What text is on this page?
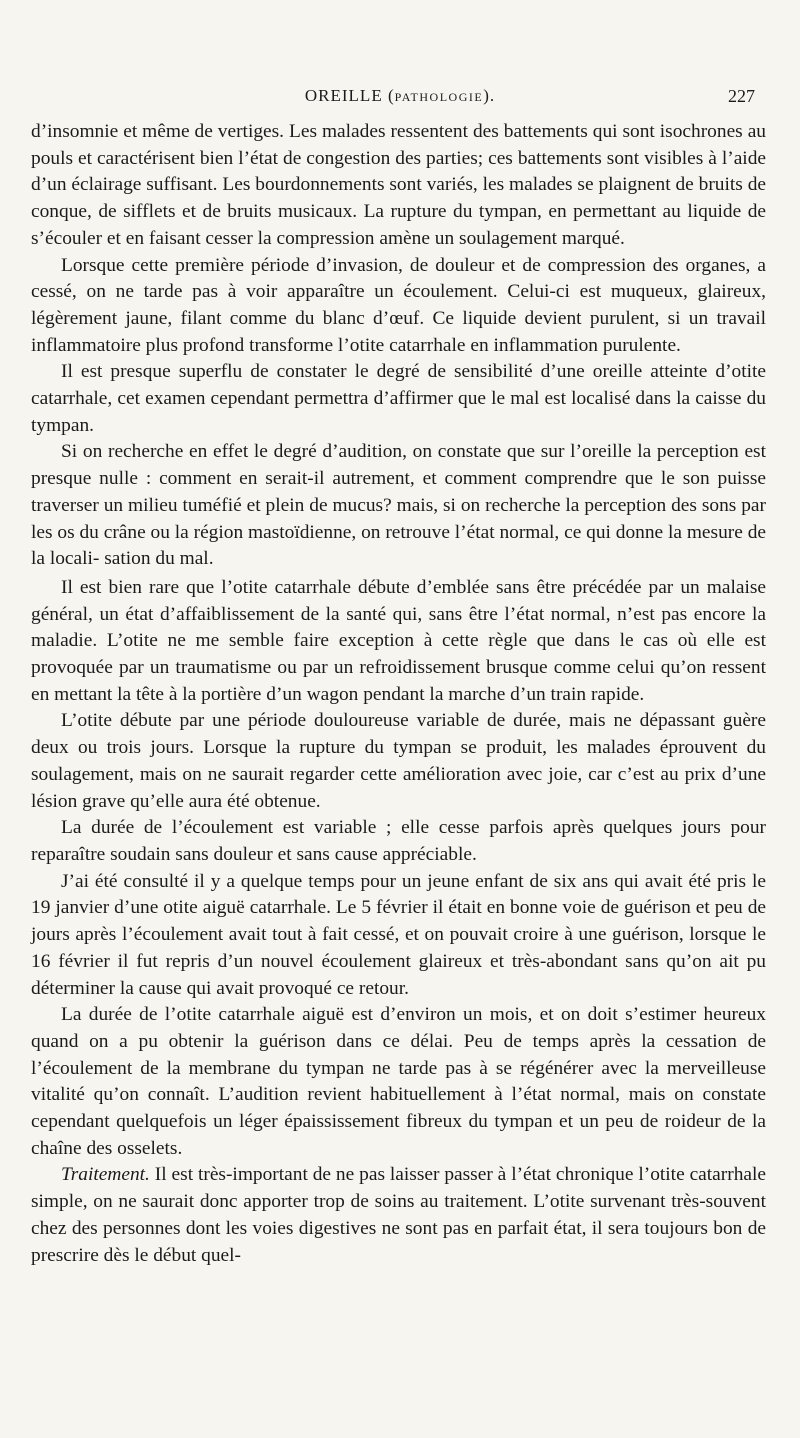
OREILLE (PATHOLOGIE).	227

d’insomnie et même de vertiges. Les malades ressentent des battements qui sont isochrones au pouls et caractérisent bien l’état de congestion des parties; ces battements sont visibles à l’aide d’un éclairage suffisant. Les bourdonnements sont variés, les malades se plaignent de bruits de conque, de sifflets et de bruits musicaux. La rupture du tympan, en permettant au liquide de s’écouler et en faisant cesser la compression amène un soulagement marqué.

Lorsque cette première période d’invasion, de douleur et de compression des organes, a cessé, on ne tarde pas à voir apparaître un écoulement. Celui-ci est muqueux, glaireux, légèrement jaune, filant comme du blanc d’œuf. Ce liquide devient purulent, si un travail inflammatoire plus profond transforme l’otite catarrhale en inflammation purulente.

Il est presque superflu de constater le degré de sensibilité d’une oreille atteinte d’otite catarrhale, cet examen cependant permettra d’affirmer que le mal est localisé dans la caisse du tympan.

Si on recherche en effet le degré d’audition, on constate que sur l’oreille la perception est presque nulle : comment en serait-il autrement, et comment comprendre que le son puisse traverser un milieu tuméfié et plein de mucus? mais, si on recherche la perception des sons par les os du crâne ou la région mastoïdienne, on retrouve l’état normal, ce qui donne la mesure de la locali- sation du mal.

Il est bien rare que l’otite catarrhale débute d’emblée sans être précédée par un malaise général, un état d’affaiblissement de la santé qui, sans être l’état normal, n’est pas encore la maladie. L’otite ne me semble faire exception à cette règle que dans le cas où elle est provoquée par un traumatisme ou par un refroidissement brusque comme celui qu’on ressent en mettant la tête à la portière d’un wagon pendant la marche d’un train rapide.

L’otite débute par une période douloureuse variable de durée, mais ne dépassant guère deux ou trois jours. Lorsque la rupture du tympan se produit, les malades éprouvent du soulagement, mais on ne saurait regarder cette amélioration avec joie, car c’est au prix d’une lésion grave qu’elle aura été obtenue.

La durée de l’écoulement est variable ; elle cesse parfois après quelques jours pour reparaître soudain sans douleur et sans cause appréciable.

J’ai été consulté il y a quelque temps pour un jeune enfant de six ans qui avait été pris le 19 janvier d’une otite aiguë catarrhale. Le 5 février il était en bonne voie de guérison et peu de jours après l’écoulement avait tout à fait cessé, et on pouvait croire à une guérison, lorsque le 16 février il fut repris d’un nouvel écoulement glaireux et très-abondant sans qu’on ait pu déterminer la cause qui avait provoqué ce retour.

La durée de l’otite catarrhale aiguë est d’environ un mois, et on doit s’estimer heureux quand on a pu obtenir la guérison dans ce délai. Peu de temps après la cessation de l’écoulement de la membrane du tympan ne tarde pas à se régénérer avec la merveilleuse vitalité qu’on connaît. L’audition revient habituellement à l’état normal, mais on constate cependant quelquefois un léger épaississement fibreux du tympan et un peu de roideur de la chaîne des osselets.

Traitement. Il est très-important de ne pas laisser passer à l’état chronique l’otite catarrhale simple, on ne saurait donc apporter trop de soins au traitement. L’otite survenant très-souvent chez des personnes dont les voies digestives ne sont pas en parfait état, il sera toujours bon de prescrire dès le début quel-
